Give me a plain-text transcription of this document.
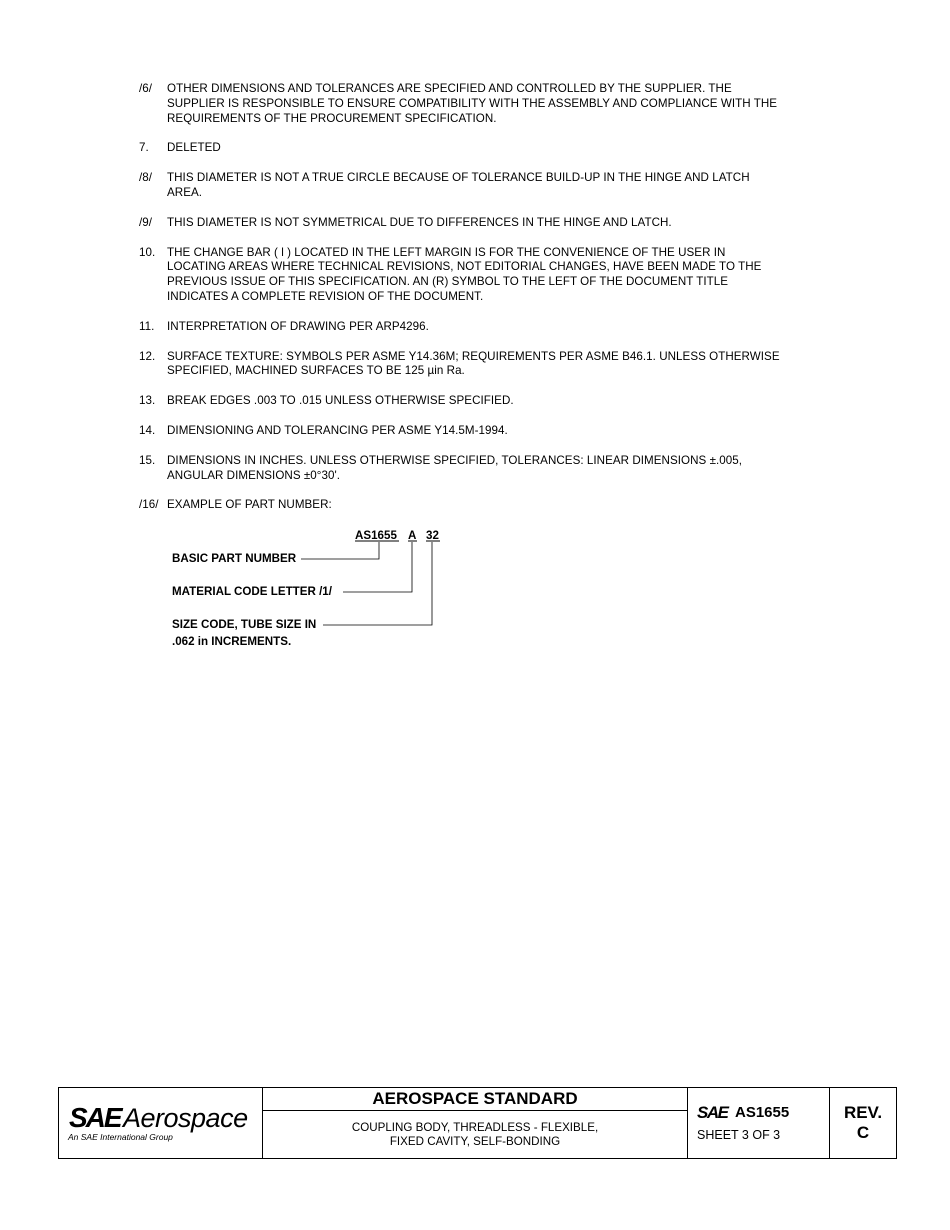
/6/	OTHER DIMENSIONS AND TOLERANCES ARE SPECIFIED AND CONTROLLED BY THE SUPPLIER. THE
SUPPLIER IS RESPONSIBLE TO ENSURE COMPATIBILITY WITH THE ASSEMBLY AND COMPLIANCE WITH THE
REQUIREMENTS OF THE PROCUREMENT SPECIFICATION.
7.	DELETED
/8/	THIS DIAMETER IS NOT A TRUE CIRCLE BECAUSE OF TOLERANCE BUILD-UP IN THE HINGE AND LATCH
AREA.
/9/	THIS DIAMETER IS NOT SYMMETRICAL DUE TO DIFFERENCES IN THE HINGE AND LATCH.
10.	THE CHANGE BAR ( l ) LOCATED IN THE LEFT MARGIN IS FOR THE CONVENIENCE OF THE USER IN
LOCATING AREAS WHERE TECHNICAL REVISIONS, NOT EDITORIAL CHANGES, HAVE BEEN MADE TO THE
PREVIOUS ISSUE OF THIS SPECIFICATION. AN (R) SYMBOL TO THE LEFT OF THE DOCUMENT TITLE
INDICATES A COMPLETE REVISION OF THE DOCUMENT.
11.	INTERPRETATION OF DRAWING PER ARP4296.
12.	SURFACE TEXTURE: SYMBOLS PER ASME Y14.36M; REQUIREMENTS PER ASME B46.1. UNLESS OTHERWISE
SPECIFIED, MACHINED SURFACES TO BE 125 µin Ra.
13.	BREAK EDGES .003 TO .015 UNLESS OTHERWISE SPECIFIED.
14.	DIMENSIONING AND TOLERANCING PER ASME Y14.5M-1994.
15.	DIMENSIONS IN INCHES. UNLESS OTHERWISE SPECIFIED, TOLERANCES: LINEAR DIMENSIONS ±.005,
ANGULAR DIMENSIONS ±0°30'.
/16/ EXAMPLE OF PART NUMBER:
AS1655 A 32
BASIC PART NUMBER
MATERIAL CODE LETTER /1/
SIZE CODE, TUBE SIZE IN
.062 in INCREMENTS.
SAE Aerospace
An SAE International Group
AEROSPACE STANDARD
COUPLING BODY, THREADLESS - FLEXIBLE,
FIXED CAVITY, SELF-BONDING
SAE AS1655
SHEET 3 OF 3
REV.
C
